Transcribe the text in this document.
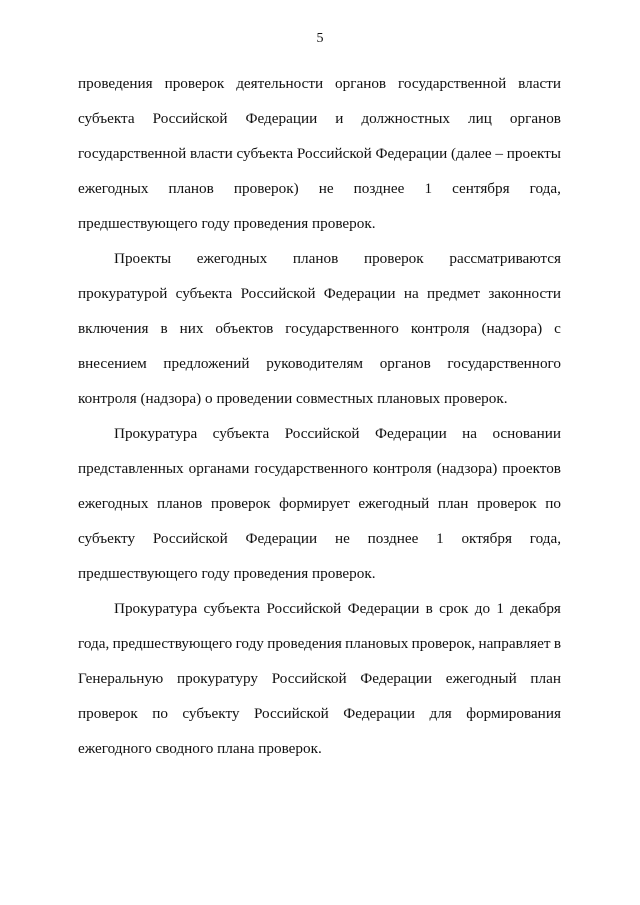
5
проведения проверок деятельности органов государственной власти
субъекта Российской Федерации и должностных лиц органов
государственной власти субъекта Российской Федерации (далее – проекты
ежегодных планов проверок) не позднее 1 сентября года,
предшествующего году проведения проверок.
Проекты ежегодных планов проверок рассматриваются
прокуратурой субъекта Российской Федерации на предмет законности
включения в них объектов государственного контроля (надзора) с
внесением предложений руководителям органов государственного
контроля (надзора) о проведении совместных плановых проверок.
Прокуратура субъекта Российской Федерации на основании
представленных органами государственного контроля (надзора) проектов
ежегодных планов проверок формирует ежегодный план проверок по
субъекту Российской Федерации не позднее 1 октября года,
предшествующего году проведения проверок.
Прокуратура субъекта Российской Федерации в срок до 1 декабря
года, предшествующего году проведения плановых проверок, направляет в
Генеральную прокуратуру Российской Федерации ежегодный план
проверок по субъекту Российской Федерации для формирования
ежегодного сводного плана проверок.
